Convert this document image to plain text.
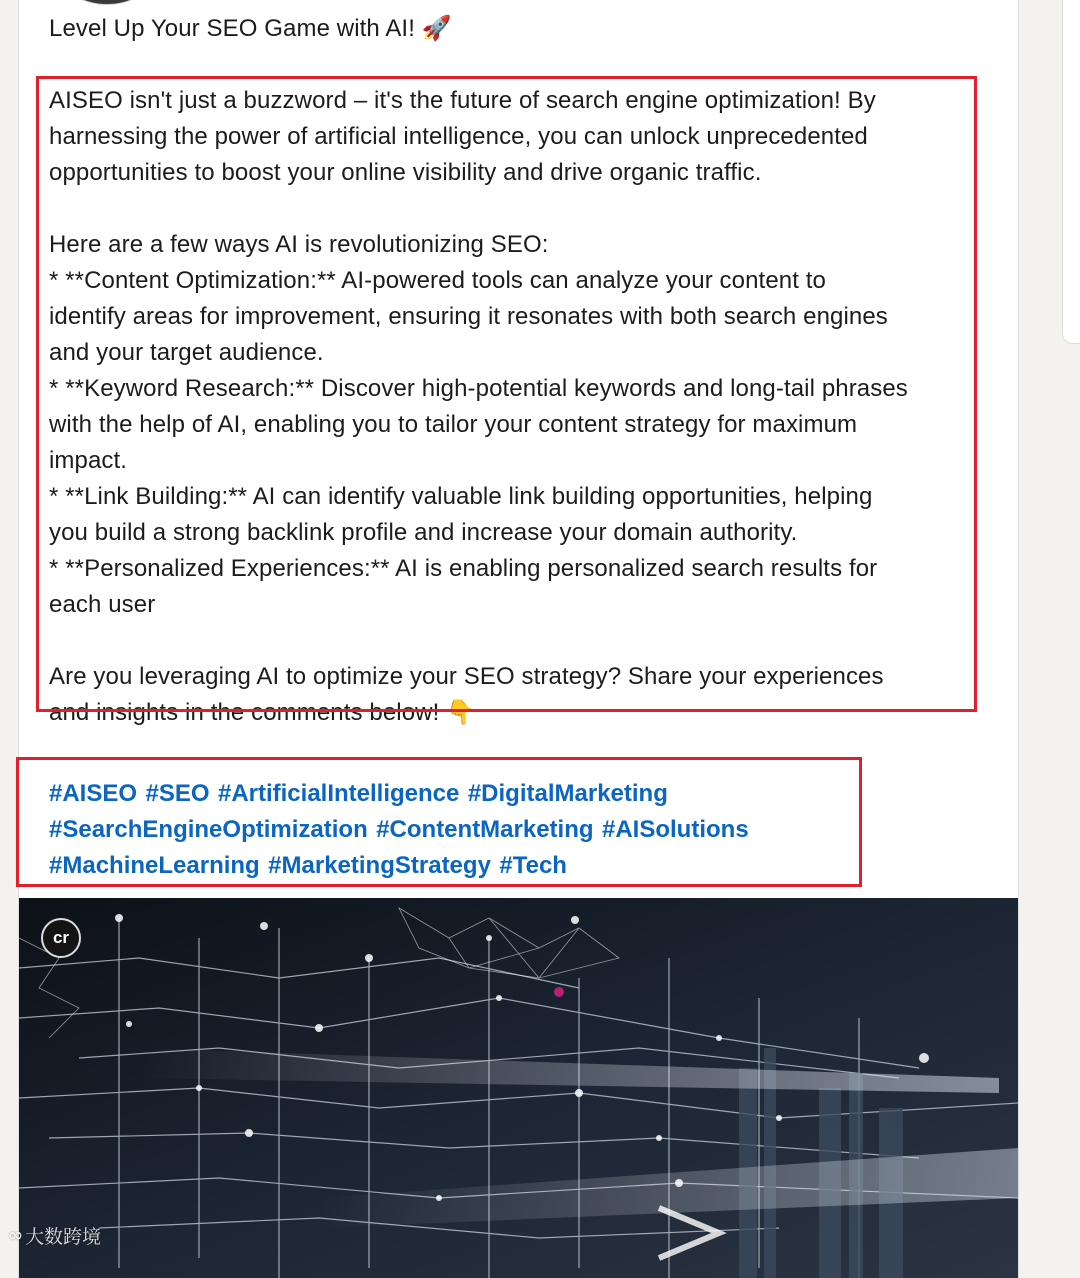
Level Up Your SEO Game with AI! 🚀
AISEO isn't just a buzzword – it's the future of search engine optimization! By
harnessing the power of artificial intelligence, you can unlock unprecedented
opportunities to boost your online visibility and drive organic traffic.
Here are a few ways AI is revolutionizing SEO:
* **Content Optimization:** AI-powered tools can analyze your content to
identify areas for improvement, ensuring it resonates with both search engines
and your target audience.
* **Keyword Research:** Discover high-potential keywords and long-tail phrases
with the help of AI, enabling you to tailor your content strategy for maximum
impact.
* **Link Building:** AI can identify valuable link building opportunities, helping
you build a strong backlink profile and increase your domain authority.
* **Personalized Experiences:** AI is enabling personalized search results for
each user
Are you leveraging AI to optimize your SEO strategy? Share your experiences
and insights in the comments below! 👇
#AISEO #SEO #ArtificialIntelligence #DigitalMarketing
#SearchEngineOptimization #ContentMarketing #AISolutions
#MachineLearning #MarketingStrategy #Tech
cr
∞ 大数跨境
